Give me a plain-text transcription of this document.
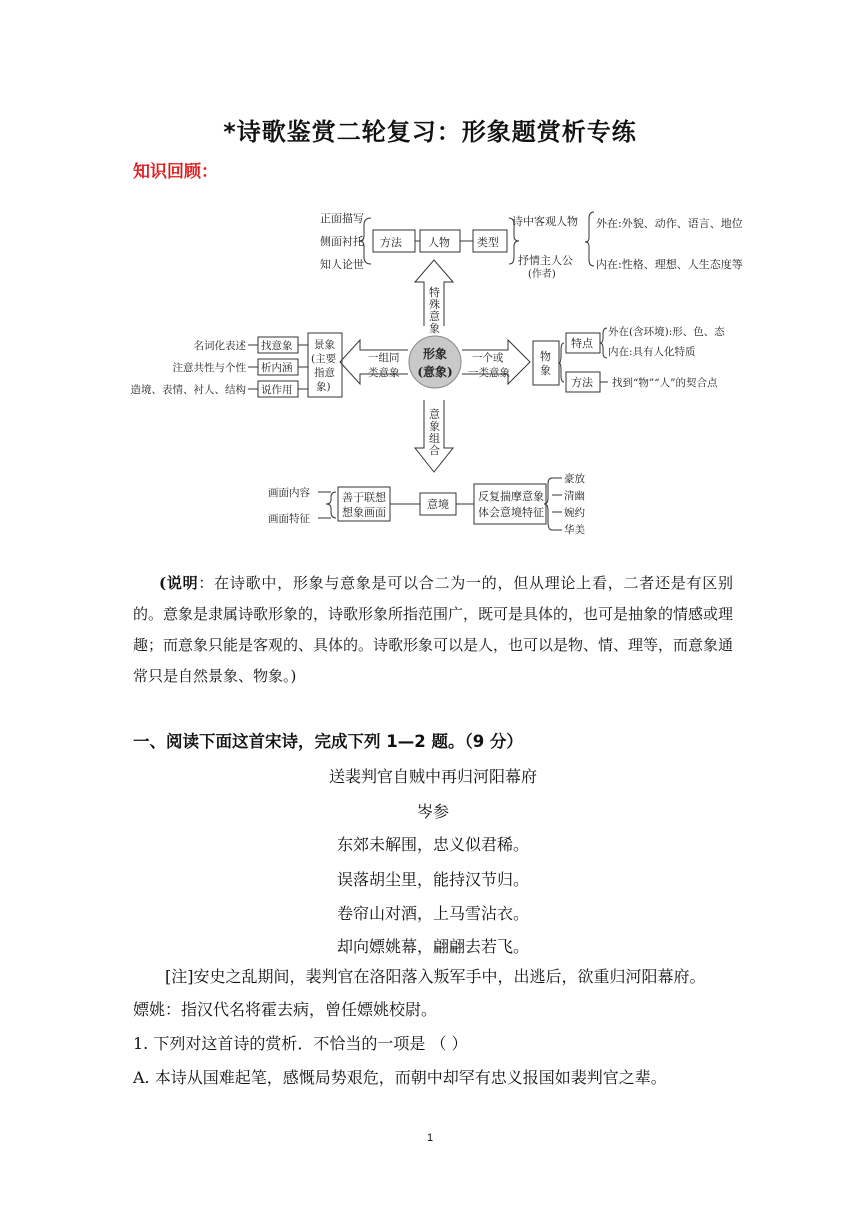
*诗歌鉴赏二轮复习：形象题赏析专练
知识回顾：
正面描写
侧面衬托
知人论世
方法 人物 类型
诗中客观人物
抒情主人公
(作者)
外在:外貌、动作、语言、地位
内在:性格、理想、人生态度等
特
殊
意
象
意
象
组
合
形象
(意象)
一组同
类意象
景象
(主要
指意
象)
找意象
析内涵
说作用
名词化表述
注意共性与个性
造境、表情、衬人、结构
一个或
一类意象
物
象
特点
方法
外在(含环境):形、色、态
内在:具有人化特质
找到“物”“人”的契合点
画面内容
画面特征
善于联想
想象画面
意境
反复揣摩意象
体会意境特征
豪放
清幽
婉约
华美

(说明：在诗歌中，形象与意象是可以合二为一的，但从理论上看，二者还是有区别的。意象是隶属诗歌形象的，诗歌形象所指范围广，既可是具体的，也可是抽象的情感或理趣；而意象只能是客观的、具体的。诗歌形象可以是人，也可以是物、情、理等，而意象通常只是自然景象、物象。)

一、阅读下面这首宋诗，完成下列 1—2 题。（9 分）

送裴判官自贼中再归河阳幕府

岑参

东郊未解围，忠义似君稀。

误落胡尘里，能持汉节归。

卷帘山对酒，上马雪沾衣。

却向嫖姚幕，翩翩去若飞。

[注]安史之乱期间，裴判官在洛阳落入叛军手中，出逃后，欲重归河阳幕府。

嫖姚：指汉代名将霍去病，曾任嫖姚校尉。

1. 下列对这首诗的赏析．不恰当的一项是 （ ）

A. 本诗从国难起笔，感慨局势艰危，而朝中却罕有忠义报国如裴判官之辈。

1
